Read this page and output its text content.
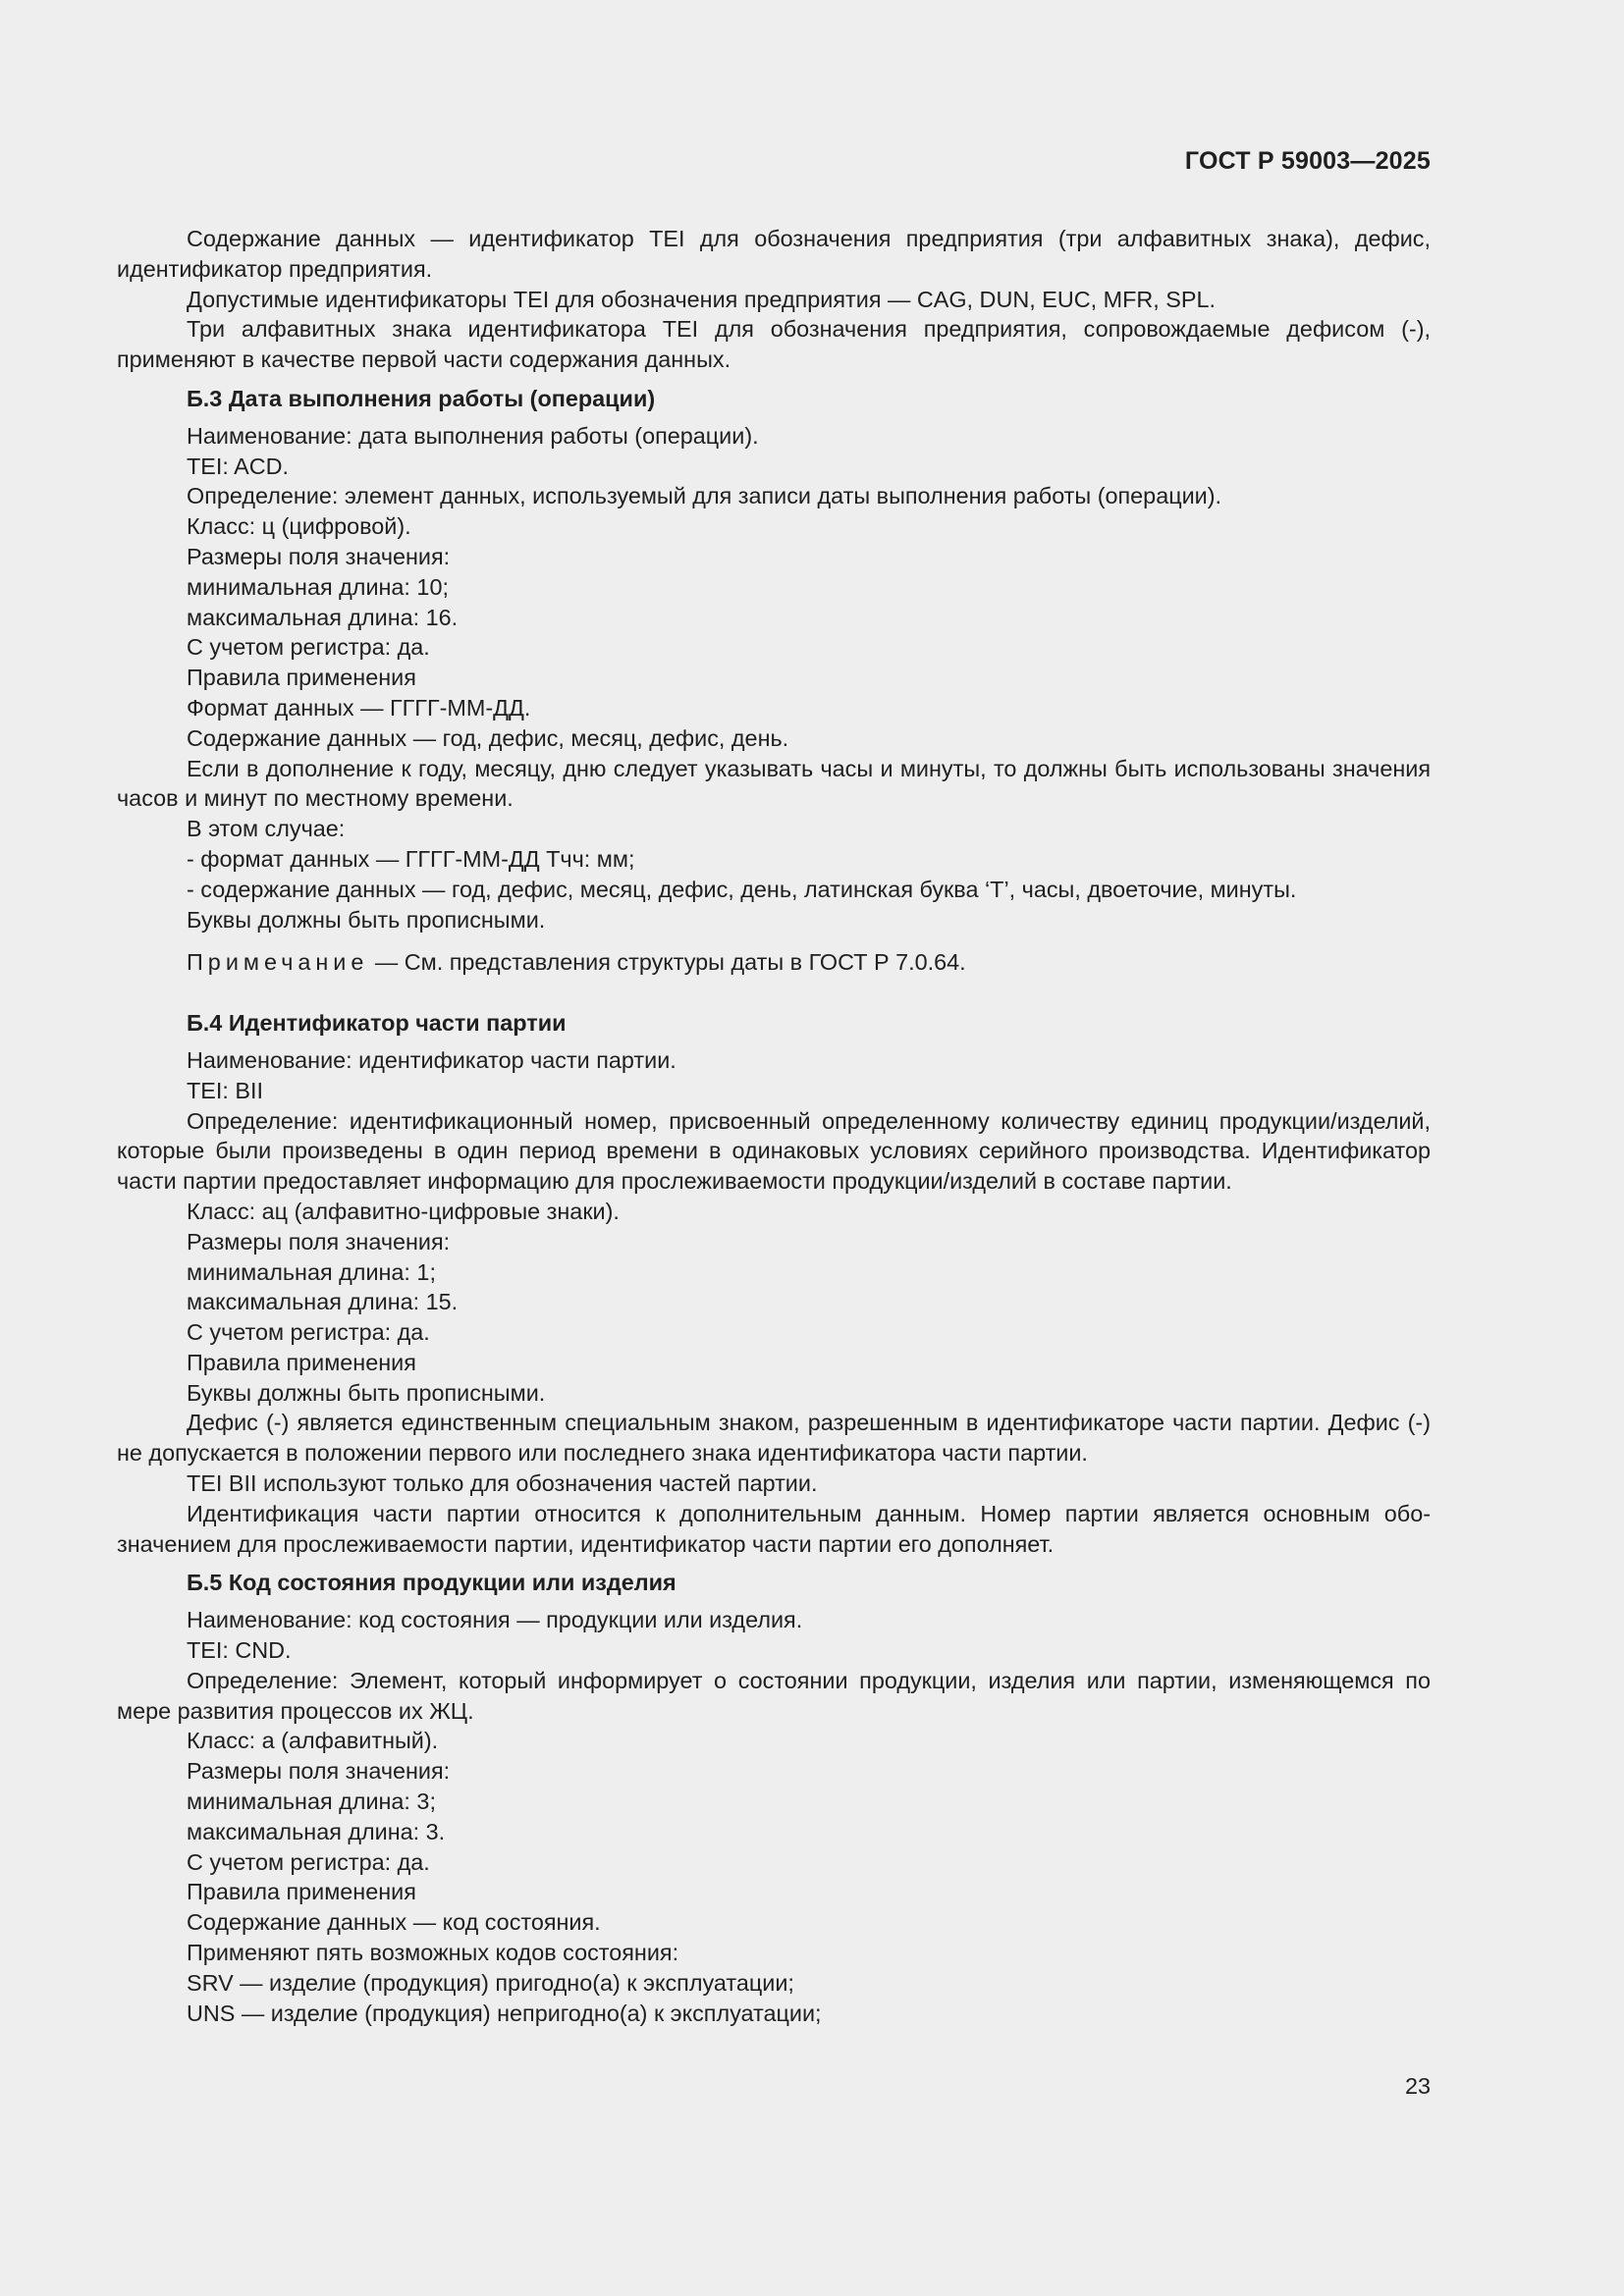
ГОСТ Р 59003—2025

Содержание данных — идентификатор TEI для обозначения предприятия (три алфавитных знака), дефис, идентификатор предприятия.

Допустимые идентификаторы TEI для обозначения предприятия — CAG, DUN, EUC, MFR, SPL.

Три алфавитных знака идентификатора TEI для обозначения предприятия, сопровождаемые дефисом (-), применяют в качестве первой части содержания данных.

Б.3 Дата выполнения работы (операции)

Наименование: дата выполнения работы (операции).

TEI: ACD.

Определение: элемент данных, используемый для записи даты выполнения работы (операции).

Класс: ц (цифровой).

Размеры поля значения:

минимальная длина: 10;

максимальная длина: 16.

С учетом регистра: да.

Правила применения

Формат данных — ГГГГ-ММ-ДД.

Содержание данных — год, дефис, месяц, дефис, день.

Если в дополнение к году, месяцу, дню следует указывать часы и минуты, то должны быть использованы значения часов и минут по местному времени.

В этом случае:

- формат данных — ГГГГ-ММ-ДД Тчч: мм;

- содержание данных — год, дефис, месяц, дефис, день, латинская буква ‘Т’, часы, двоеточие, минуты.

Буквы должны быть прописными.

Примечание — См. представления структуры даты в ГОСТ Р 7.0.64.

Б.4 Идентификатор части партии

Наименование: идентификатор части партии.

TEI: BII

Определение: идентификационный номер, присвоенный определенному количеству единиц продукции/изделий, которые были произведены в один период времени в одинаковых условиях серийного производства. Идентификатор части партии предоставляет информацию для прослеживаемости продукции/изделий в составе партии.

Класс: ац (алфавитно-цифровые знаки).

Размеры поля значения:

минимальная длина: 1;

максимальная длина: 15.

С учетом регистра: да.

Правила применения

Буквы должны быть прописными.

Дефис (-) является единственным специальным знаком, разрешенным в идентификаторе части партии. Дефис (-) не допускается в положении первого или последнего знака идентификатора части партии.

TEI BII используют только для обозначения частей партии.

Идентификация части партии относится к дополнительным данным. Номер партии является основным обозначением для прослеживаемости партии, идентификатор части партии его дополняет.

Б.5 Код состояния продукции или изделия

Наименование: код состояния — продукции или изделия.

TEI: CND.

Определение: Элемент, который информирует о состоянии продукции, изделия или партии, изменяющемся по мере развития процессов их ЖЦ.

Класс: а (алфавитный).

Размеры поля значения:

минимальная длина: 3;

максимальная длина: 3.

С учетом регистра: да.

Правила применения

Содержание данных — код состояния.

Применяют пять возможных кодов состояния:

SRV — изделие (продукция) пригодно(а) к эксплуатации;

UNS — изделие (продукция) непригодно(а) к эксплуатации;

23
